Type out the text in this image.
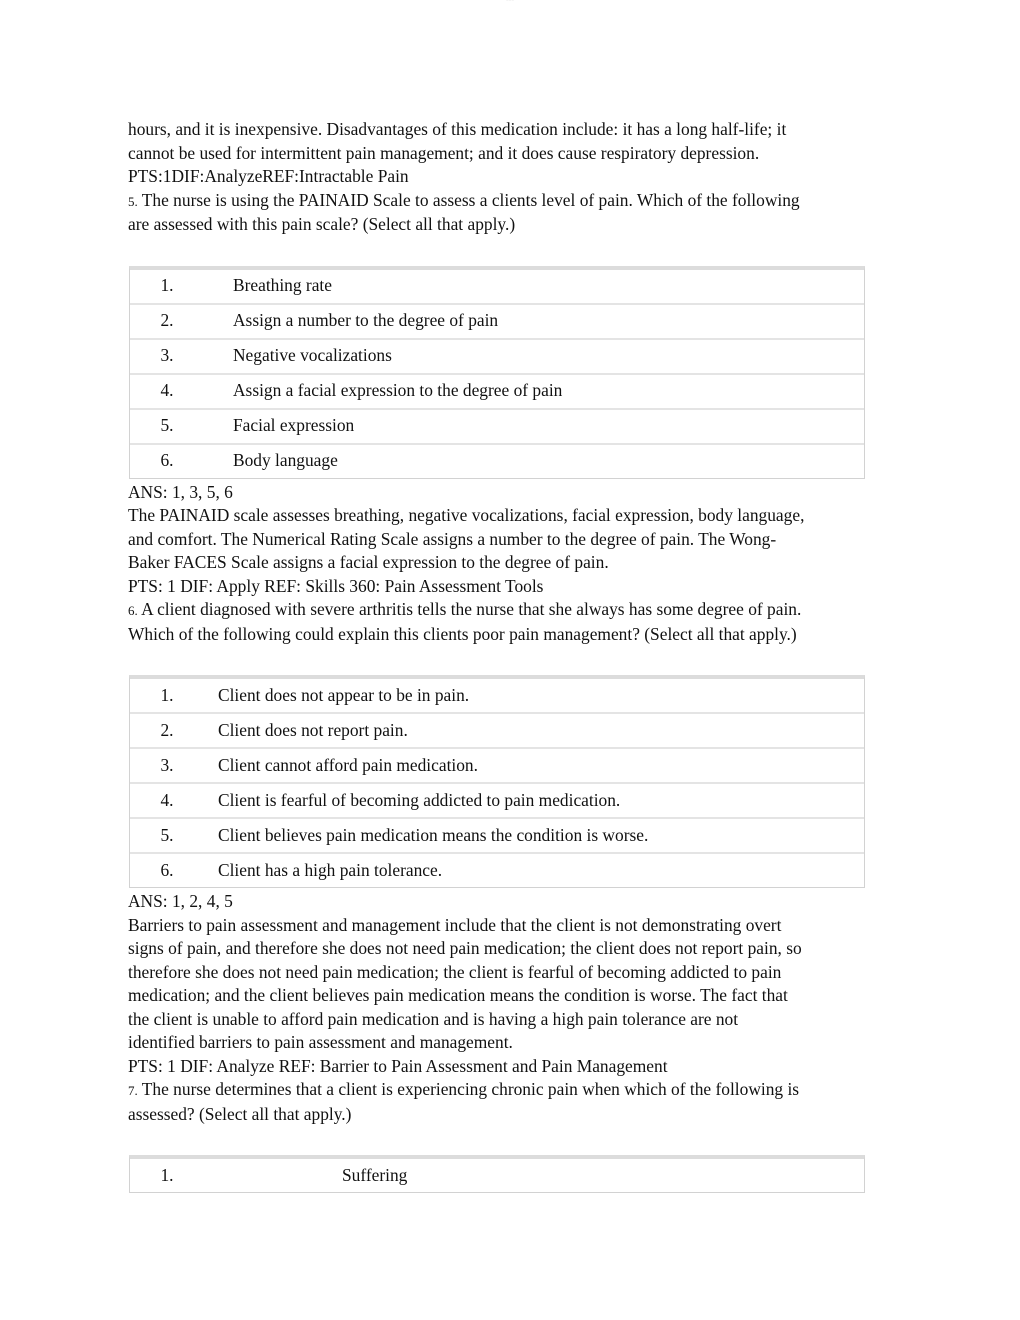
hours, and it is inexpensive. Disadvantages of this medication include: it has a long half-life; it

cannot be used for intermittent pain management; and it does cause respiratory depression.

PTS:1DIF:AnalyzeREF:Intractable Pain

5. The nurse is using the PAINAID Scale to assess a clients level of pain. Which of the following

are assessed with this pain scale? (Select all that apply.)

1.	Breathing rate
2.	Assign a number to the degree of pain
3.	Negative vocalizations
4.	Assign a facial expression to the degree of pain
5.	Facial expression
6.	Body language

ANS: 1, 3, 5, 6

The PAINAID scale assesses breathing, negative vocalizations, facial expression, body language,

and comfort. The Numerical Rating Scale assigns a number to the degree of pain. The Wong-

Baker FACES Scale assigns a facial expression to the degree of pain.

PTS: 1 DIF: Apply REF: Skills 360: Pain Assessment Tools

6. A client diagnosed with severe arthritis tells the nurse that she always has some degree of pain.

Which of the following could explain this clients poor pain management? (Select all that apply.)

1.	Client does not appear to be in pain.
2.	Client does not report pain.
3.	Client cannot afford pain medication.
4.	Client is fearful of becoming addicted to pain medication.
5.	Client believes pain medication means the condition is worse.
6.	Client has a high pain tolerance.

ANS: 1, 2, 4, 5

Barriers to pain assessment and management include that the client is not demonstrating overt

signs of pain, and therefore she does not need pain medication; the client does not report pain, so

therefore she does not need pain medication; the client is fearful of becoming addicted to pain

medication; and the client believes pain medication means the condition is worse. The fact that

the client is unable to afford pain medication and is having a high pain tolerance are not

identified barriers to pain assessment and management.

PTS: 1 DIF: Analyze REF: Barrier to Pain Assessment and Pain Management

7. The nurse determines that a client is experiencing chronic pain when which of the following is

assessed? (Select all that apply.)

1.	Suffering
